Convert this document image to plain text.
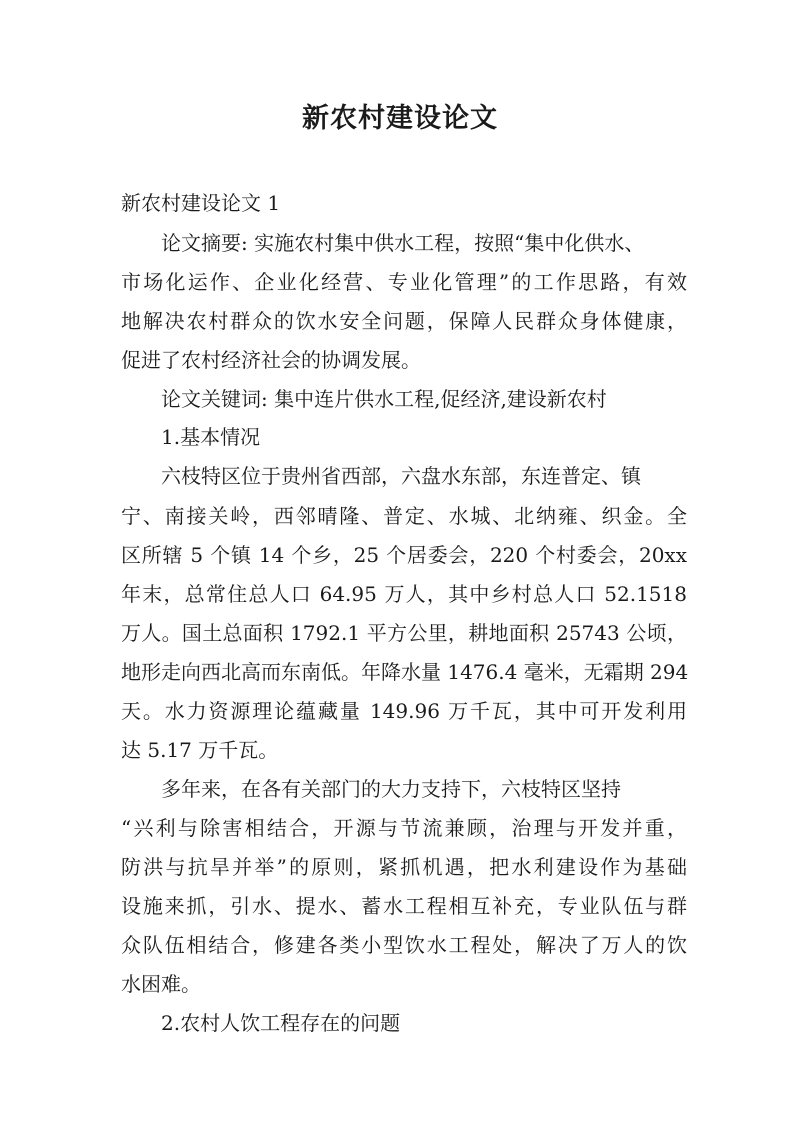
新农村建设论文

新农村建设论文 1

论文摘要: 实施农村集中供水工程，按照“集中化供水、

市场化运作、企业化经营、专业化管理”的工作思路，有效

地解决农村群众的饮水安全问题，保障人民群众身体健康，

促进了农村经济社会的协调发展。

论文关键词: 集中连片供水工程,促经济,建设新农村

1.基本情况

六枝特区位于贵州省西部，六盘水东部，东连普定、镇

宁、南接关岭，西邻晴隆、普定、水城、北纳雍、织金。全

区所辖 5 个镇 14 个乡，25 个居委会，220 个村委会，20xx

年末，总常住总人口 64.95 万人，其中乡村总人口 52.1518

万人。国土总面积 1792.1 平方公里，耕地面积 25743 公顷，

地形走向西北高而东南低。年降水量 1476.4 毫米，无霜期 294

天。水力资源理论蕴藏量 149.96 万千瓦，其中可开发利用

达 5.17 万千瓦。

多年来，在各有关部门的大力支持下，六枝特区坚持

“兴利与除害相结合，开源与节流兼顾，治理与开发并重，

防洪与抗旱并举”的原则，紧抓机遇，把水利建设作为基础

设施来抓，引水、提水、蓄水工程相互补充，专业队伍与群

众队伍相结合，修建各类小型饮水工程处，解决了万人的饮

水困难。

2.农村人饮工程存在的问题
